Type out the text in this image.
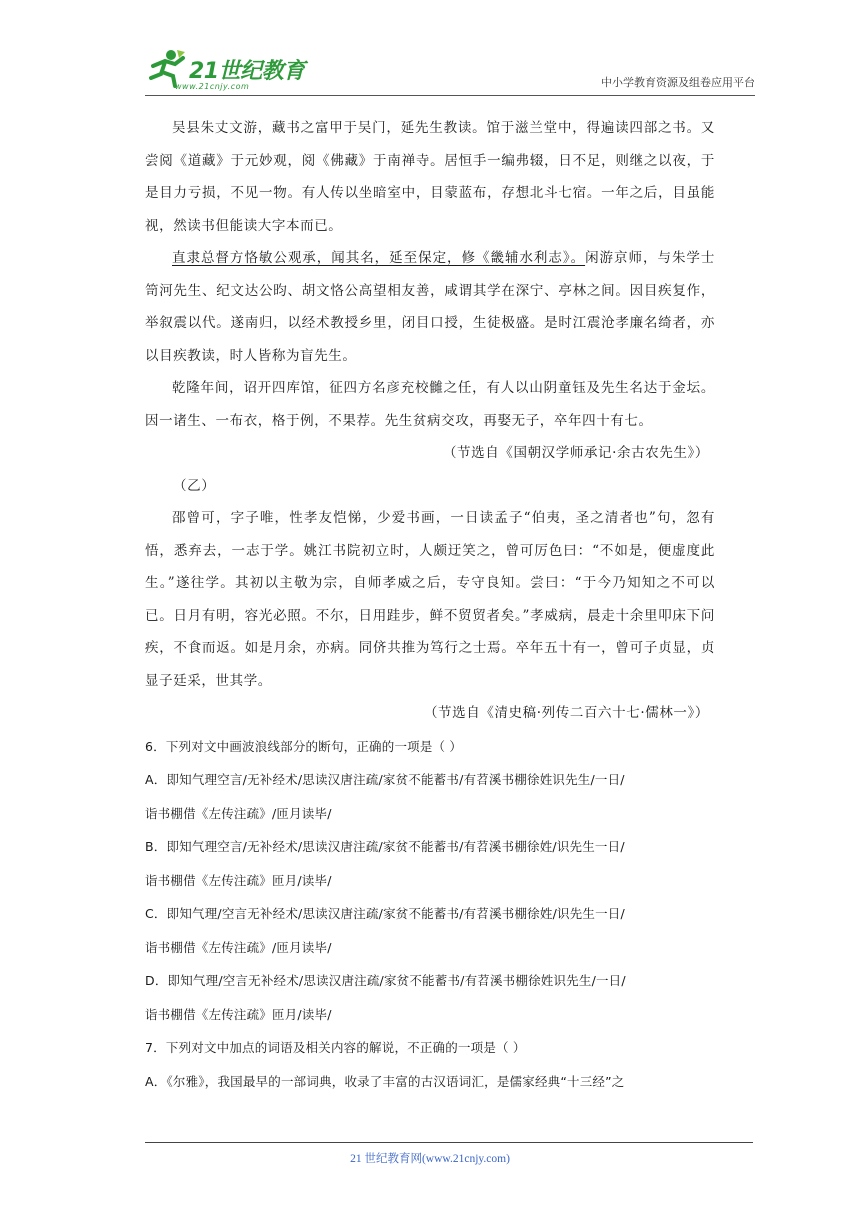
21世纪教育
www.21cnjy.com	中小学教育资源及组卷应用平台

吴县朱丈文游，藏书之富甲于吴门，延先生教读。馆于滋兰堂中，得遍读四部之书。又尝阅《道藏》于元妙观，阅《佛藏》于南禅寺。居恒手一编弗辍，日不足，则继之以夜，于是目力亏损，不见一物。有人传以坐暗室中，目蒙蓝布，存想北斗七宿。一年之后，目虽能视，然读书但能读大字本而已。

直隶总督方恪敏公观承，闻其名，延至保定，修《畿辅水利志》。闲游京师，与朱学士笥河先生、纪文达公昀、胡文恪公高望相友善，咸谓其学在深宁、亭林之间。因目疾复作，举叙震以代。遂南归，以经术教授乡里，闭目口授，生徒极盛。是时江震沧孝廉名绮者，亦以目疾教读，时人皆称为盲先生。

乾隆年间，诏开四库馆，征四方名彦充校雠之任，有人以山阴童钰及先生名达于金坛。因一诸生、一布衣，格于例，不果荐。先生贫病交攻，再娶无子，卒年四十有七。

（节选自《国朝汉学师承记·余古农先生》）

（乙）

邵曾可，字子唯，性孝友恺悌，少爱书画，一日读孟子“伯夷，圣之清者也”句，忽有悟，悉弃去，一志于学。姚江书院初立时，人颇迂笑之，曾可厉色曰：“不如是，便虚度此生。”遂往学。其初以主敬为宗，自师孝威之后，专守良知。尝曰：“于今乃知知之不可以已。日月有明，容光必照。不尔，日用跬步，鲜不贸贸者矣。”孝威病，晨走十余里叩床下问疾，不食而返。如是月余，亦病。同侪共推为笃行之士焉。卒年五十有一，曾可子贞显，贞显子廷采，世其学。

（节选自《清史稿·列传二百六十七·儒林一》）

6．下列对文中画波浪线部分的断句，正确的一项是（ ）

A．即知气理空言/无补经术/思读汉唐注疏/家贫不能蓄书/有苕溪书棚徐姓识先生/一日/

诣书棚借《左传注疏》/匝月读毕/

B．即知气理空言/无补经术/思读汉唐注疏/家贫不能蓄书/有苕溪书棚徐姓/识先生一日/

诣书棚借《左传注疏》匝月/读毕/

C．即知气理/空言无补经术/思读汉唐注疏/家贫不能蓄书/有苕溪书棚徐姓/识先生一日/

诣书棚借《左传注疏》/匝月读毕/

D．即知气理/空言无补经术/思读汉唐注疏/家贫不能蓄书/有苕溪书棚徐姓识先生/一日/

诣书棚借《左传注疏》匝月/读毕/

7．下列对文中加点的词语及相关内容的解说，不正确的一项是（ ）

A．《尔雅》，我国最早的一部词典，收录了丰富的古汉语词汇，是儒家经典“十三经”之

21 世纪教育网(www.21cnjy.com)
